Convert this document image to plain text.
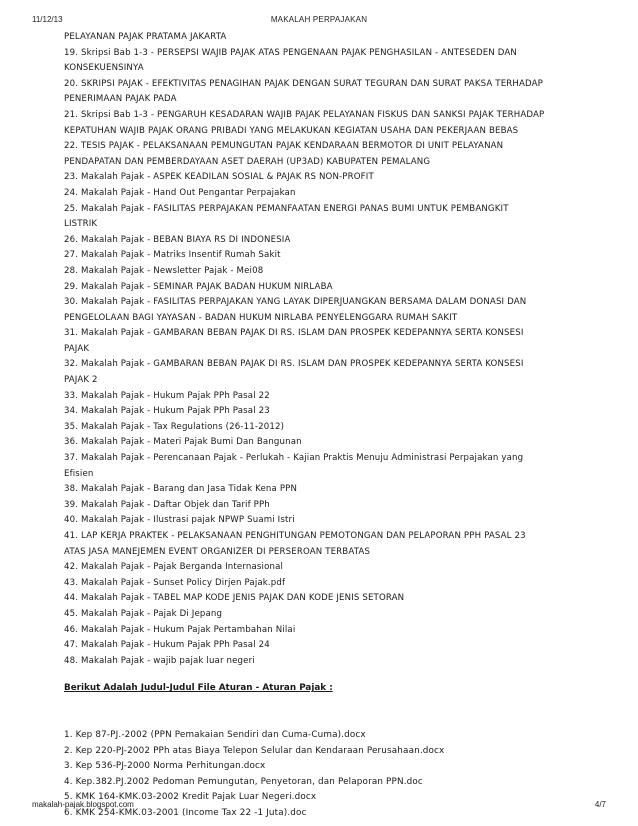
11/12/13	MAKALAH PERPAJAKAN
PELAYANAN PAJAK PRATAMA JAKARTA
19. Skripsi Bab 1-3 - PERSEPSI WAJIB PAJAK ATAS PENGENAAN PAJAK PENGHASILAN - ANTESEDEN DAN
KONSEKUENSINYA
20. SKRIPSI PAJAK - EFEKTIVITAS PENAGIHAN PAJAK DENGAN SURAT TEGURAN DAN SURAT PAKSA TERHADAP
PENERIMAAN PAJAK PADA
21. Skripsi Bab 1-3 - PENGARUH KESADARAN WAJIB PAJAK PELAYANAN FISKUS DAN SANKSI PAJAK TERHADAP
KEPATUHAN WAJIB PAJAK ORANG PRIBADI YANG MELAKUKAN KEGIATAN USAHA DAN PEKERJAAN BEBAS
22. TESIS PAJAK - PELAKSANAAN PEMUNGUTAN PAJAK KENDARAAN BERMOTOR DI UNIT PELAYANAN
PENDAPATAN DAN PEMBERDAYAAN ASET DAERAH (UP3AD) KABUPATEN PEMALANG
23. Makalah Pajak - ASPEK KEADILAN SOSIAL & PAJAK RS NON-PROFIT
24. Makalah Pajak - Hand Out Pengantar Perpajakan
25. Makalah Pajak - FASILITAS PERPAJAKAN PEMANFAATAN ENERGI PANAS BUMI UNTUK PEMBANGKIT
LISTRIK
26. Makalah Pajak - BEBAN BIAYA RS DI INDONESIA
27. Makalah Pajak - Matriks Insentif Rumah Sakit
28. Makalah Pajak - Newsletter Pajak - Mei08
29. Makalah Pajak - SEMINAR PAJAK BADAN HUKUM NIRLABA
30. Makalah Pajak - FASILITAS PERPAJAKAN YANG LAYAK DIPERJUANGKAN BERSAMA DALAM DONASI DAN
PENGELOLAAN BAGI YAYASAN - BADAN HUKUM NIRLABA PENYELENGGARA RUMAH SAKIT
31. Makalah Pajak - GAMBARAN BEBAN PAJAK DI RS. ISLAM DAN PROSPEK KEDEPANNYA SERTA KONSESI
PAJAK
32. Makalah Pajak - GAMBARAN BEBAN PAJAK DI RS. ISLAM DAN PROSPEK KEDEPANNYA SERTA KONSESI
PAJAK 2
33. Makalah Pajak - Hukum Pajak PPh Pasal 22
34. Makalah Pajak - Hukum Pajak PPh Pasal 23
35. Makalah Pajak - Tax Regulations (26-11-2012)
36. Makalah Pajak - Materi Pajak Bumi Dan Bangunan
37. Makalah Pajak - Perencanaan Pajak - Perlukah - Kajian Praktis Menuju Administrasi Perpajakan yang
Efisien
38. Makalah Pajak - Barang dan Jasa Tidak Kena PPN
39. Makalah Pajak - Daftar Objek dan Tarif PPh
40. Makalah Pajak - Ilustrasi pajak NPWP Suami Istri
41. LAP KERJA PRAKTEK - PELAKSANAAN PENGHITUNGAN PEMOTONGAN DAN PELAPORAN PPH PASAL 23
ATAS JASA MANEJEMEN EVENT ORGANIZER DI PERSEROAN TERBATAS
42. Makalah Pajak - Pajak Berganda Internasional
43. Makalah Pajak - Sunset Policy Dirjen Pajak.pdf
44. Makalah Pajak - TABEL MAP KODE JENIS PAJAK DAN KODE JENIS SETORAN
45. Makalah Pajak - Pajak Di Jepang
46. Makalah Pajak - Hukum Pajak Pertambahan Nilai
47. Makalah Pajak - Hukum Pajak PPh Pasal 24
48. Makalah Pajak - wajib pajak luar negeri
Berikut Adalah Judul-Judul File Aturan - Aturan Pajak :
1. Kep 87-PJ.-2002 (PPN Pemakaian Sendiri dan Cuma-Cuma).docx
2. Kep 220-PJ-2002 PPh atas Biaya Telepon Selular dan Kendaraan Perusahaan.docx
3. Kep 536-PJ-2000 Norma Perhitungan.docx
4. Kep.382.PJ.2002 Pedoman Pemungutan, Penyetoran, dan Pelaporan PPN.doc
5. KMK 164-KMK.03-2002 Kredit Pajak Luar Negeri.docx
6. KMK 254-KMK.03-2001 (Income Tax 22 -1 Juta).doc
makalah-pajak.blogspot.com	4/7
